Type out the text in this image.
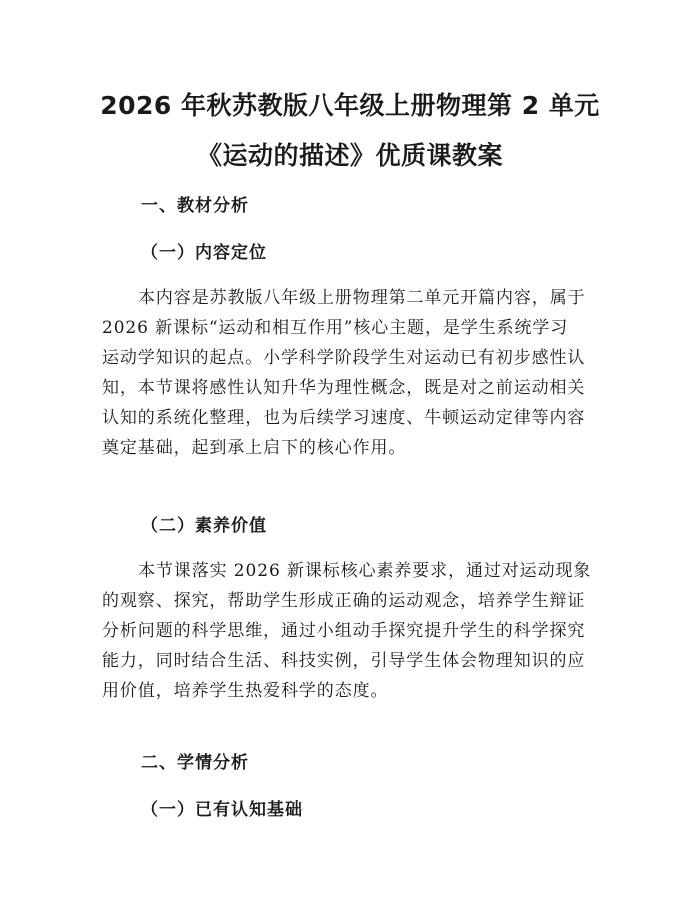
2026 年秋苏教版八年级上册物理第 2 单元
《运动的描述》优质课教案
一、教材分析
（一）内容定位

本内容是苏教版八年级上册物理第二单元开篇内容，属于

2026 新课标“运动和相互作用”核心主题，是学生系统学习

运动学知识的起点。小学科学阶段学生对运动已有初步感性认

知，本节课将感性认知升华为理性概念，既是对之前运动相关

认知的系统化整理，也为后续学习速度、牛顿运动定律等内容

奠定基础，起到承上启下的核心作用。

（二）素养价值

本节课落实 2026 新课标核心素养要求，通过对运动现象

的观察、探究，帮助学生形成正确的运动观念，培养学生辩证

分析问题的科学思维，通过小组动手探究提升学生的科学探究

能力，同时结合生活、科技实例，引导学生体会物理知识的应

用价值，培养学生热爱科学的态度。

二、学情分析
（一）已有认知基础
